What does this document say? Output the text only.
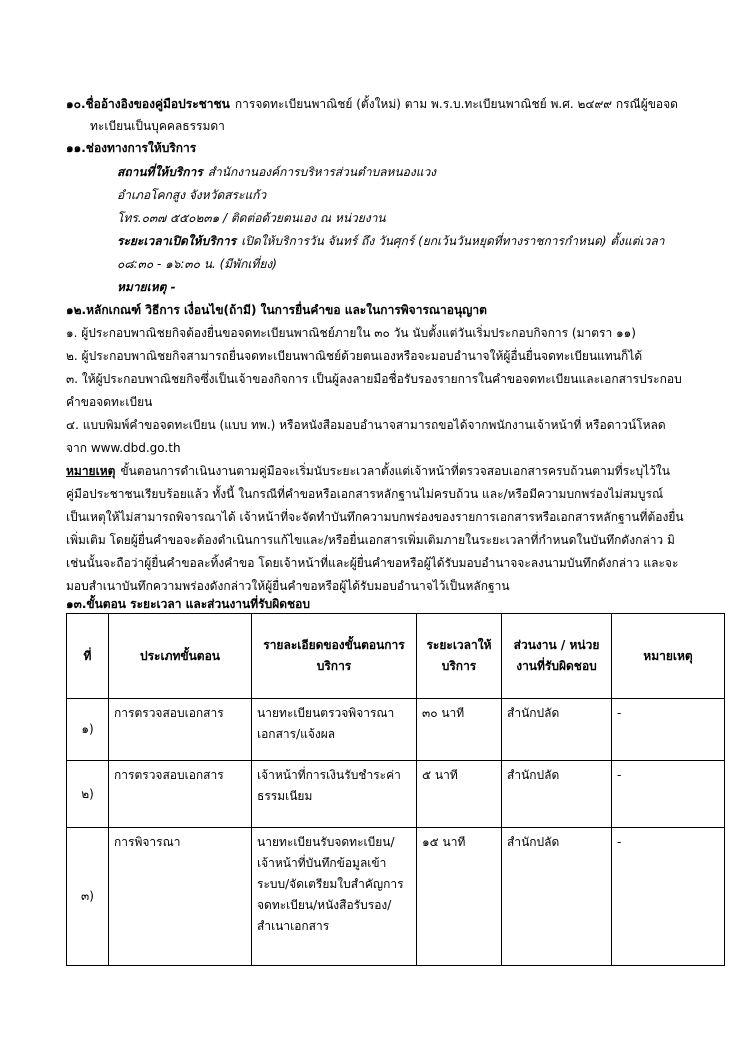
๑๐.ชื่ออ้างอิงของคู่มือประชาชน การจดทะเบียนพาณิชย์ (ตั้งใหม่) ตาม พ.ร.บ.ทะเบียนพาณิชย์ พ.ศ. ๒๔๙๙ กรณีผู้ขอจด
ทะเบียนเป็นบุคคลธรรมดา
๑๑.ช่องทางการให้บริการ
สถานที่ให้บริการ สำนักงานองค์การบริหารส่วนตำบลหนองแวง
อำเภอโคกสูง จังหวัดสระแก้ว
โทร.๐๓๗ ๕๕๐๒๓๑ / ติดต่อด้วยตนเอง ณ หน่วยงาน
ระยะเวลาเปิดให้บริการ เปิดให้บริการวัน จันทร์ ถึง วันศุกร์ (ยกเว้นวันหยุดที่ทางราชการกำหนด) ตั้งแต่เวลา
๐๘:๓๐ - ๑๖:๓๐ น. (มีพักเที่ยง)
หมายเหตุ -
๑๒.หลักเกณฑ์ วิธีการ เงื่อนไข(ถ้ามี) ในการยื่นคำขอ และในการพิจารณาอนุญาต
๑. ผู้ประกอบพาณิชยกิจต้องยื่นขอจดทะเบียนพาณิชย์ภายใน ๓๐ วัน นับตั้งแต่วันเริ่มประกอบกิจการ (มาตรา ๑๑)
๒. ผู้ประกอบพาณิชยกิจสามารถยื่นจดทะเบียนพาณิชย์ด้วยตนเองหรือจะมอบอำนาจให้ผู้อื่นยื่นจดทะเบียนแทนก็ได้
๓. ให้ผู้ประกอบพาณิชยกิจซึ่งเป็นเจ้าของกิจการ เป็นผู้ลงลายมือชื่อรับรองรายการในคำขอจดทะเบียนและเอกสารประกอบ
คำขอจดทะเบียน
๔. แบบพิมพ์คำขอจดทะเบียน (แบบ ทพ.) หรือหนังสือมอบอำนาจสามารถขอได้จากพนักงานเจ้าหน้าที่ หรือดาวน์โหลด
จาก www.dbd.go.th
หมายเหตุ ขั้นตอนการดำเนินงานตามคู่มือจะเริ่มนับระยะเวลาตั้งแต่เจ้าหน้าที่ตรวจสอบเอกสารครบถ้วนตามที่ระบุไว้ใน
คู่มือประชาชนเรียบร้อยแล้ว ทั้งนี้ ในกรณีที่คำขอหรือเอกสารหลักฐานไม่ครบถ้วน และ/หรือมีความบกพร่องไม่สมบูรณ์
เป็นเหตุให้ไม่สามารถพิจารณาได้ เจ้าหน้าที่จะจัดทำบันทึกความบกพร่องของรายการเอกสารหรือเอกสารหลักฐานที่ต้องยื่น
เพิ่มเติม โดยผู้ยื่นคำขอจะต้องดำเนินการแก้ไขและ/หรือยื่นเอกสารเพิ่มเติมภายในระยะเวลาที่กำหนดในบันทึกดังกล่าว มิ
เช่นนั้นจะถือว่าผู้ยื่นคำขอละทิ้งคำขอ โดยเจ้าหน้าที่และผู้ยื่นคำขอหรือผู้ได้รับมอบอำนาจจะลงนามบันทึกดังกล่าว และจะ
มอบสำเนาบันทึกความพร่องดังกล่าวให้ผู้ยื่นคำขอหรือผู้ได้รับมอบอำนาจไว้เป็นหลักฐาน
๑๓.ขั้นตอน ระยะเวลา และส่วนงานที่รับผิดชอบ
ที่	ประเภทขั้นตอน	รายละเอียดของขั้นตอนการบริการ	ระยะเวลาให้บริการ	ส่วนงาน / หน่วยงานที่รับผิดชอบ	หมายเหตุ
๑)	การตรวจสอบเอกสาร	นายทะเบียนตรวจพิจารณาเอกสาร/แจ้งผล	๓๐ นาที	สำนักปลัด	-
๒)	การตรวจสอบเอกสาร	เจ้าหน้าที่การเงินรับชำระค่าธรรมเนียม	๕ นาที	สำนักปลัด	-
๓)	การพิจารณา	นายทะเบียนรับจดทะเบียน/เจ้าหน้าที่บันทึกข้อมูลเข้าระบบ/จัดเตรียมใบสำคัญการจดทะเบียน/หนังสือรับรอง/สำเนาเอกสาร	๑๕ นาที	สำนักปลัด	-
